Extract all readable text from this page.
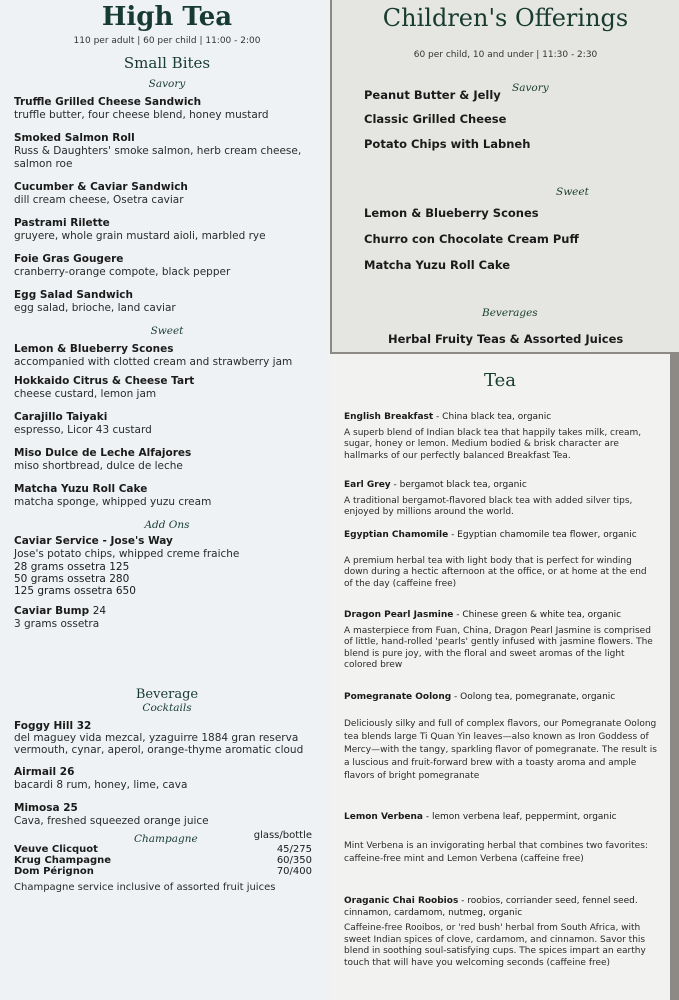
High Tea
110 per adult | 60 per child | 11:00 - 2:00
Small Bites
Savory
Truffle Grilled Cheese Sandwich
truffle butter, four cheese blend, honey mustard
Smoked Salmon Roll
Russ & Daughters' smoke salmon, herb cream cheese, salmon roe
Cucumber & Caviar Sandwich
dill cream cheese, Osetra caviar
Pastrami Rilette
gruyere, whole grain mustard aioli, marbled rye
Foie Gras Gougere
cranberry-orange compote, black pepper
Egg Salad Sandwich
egg salad, brioche, land caviar
Sweet
Lemon & Blueberry Scones
accompanied with clotted cream and strawberry jam
Hokkaido Citrus & Cheese Tart
cheese custard, lemon jam
Carajillo Taiyaki
espresso, Licor 43 custard
Miso Dulce de Leche Alfajores
miso shortbread, dulce de leche
Matcha Yuzu Roll Cake
matcha sponge, whipped yuzu cream
Add Ons
Caviar Service - Jose's Way
Jose's potato chips, whipped creme fraiche
28 grams ossetra 125
50 grams ossetra 280
125 grams ossetra 650
Caviar Bump 24
3 grams ossetra
Beverage
Cocktails
Foggy Hill 32
del maguey vida mezcal, yzaguirre 1884 gran reserva vermouth, cynar, aperol, orange-thyme aromatic cloud
Airmail 26
bacardi 8 rum, honey, lime, cava
Mimosa 25
Cava, freshed squeezed orange juice
Champagne	glass/bottle
Veuve Clicquot	45/275
Krug Champagne	60/350
Dom Pérignon	70/400
Champagne service inclusive of assorted fruit juices
Children's Offerings
60 per child, 10 and under | 11:30 - 2:30
Savory
Peanut Butter & Jelly
Classic Grilled Cheese
Potato Chips with Labneh
Sweet
Lemon & Blueberry Scones
Churro con Chocolate Cream Puff
Matcha Yuzu Roll Cake
Beverages
Herbal Fruity Teas & Assorted Juices
Tea
English Breakfast - China black tea, organic
A superb blend of Indian black tea that happily takes milk, cream, sugar, honey or lemon. Medium bodied & brisk character are hallmarks of our perfectly balanced Breakfast Tea.
Earl Grey - bergamot black tea, organic
A traditional bergamot-flavored black tea with added silver tips, enjoyed by millions around the world.
Egyptian Chamomile - Egyptian chamomile tea flower, organic
A premium herbal tea with light body that is perfect for winding down during a hectic afternoon at the office, or at home at the end of the day (caffeine free)
Dragon Pearl Jasmine - Chinese green & white tea, organic
A masterpiece from Fuan, China, Dragon Pearl Jasmine is comprised of little, hand-rolled 'pearls' gently infused with jasmine flowers. The blend is pure joy, with the floral and sweet aromas of the light colored brew
Pomegranate Oolong - Oolong tea, pomegranate, organic
Deliciously silky and full of complex flavors, our Pomegranate Oolong tea blends large Ti Quan Yin leaves—also known as Iron Goddess of Mercy—with the tangy, sparkling flavor of pomegranate. The result is a luscious and fruit-forward brew with a toasty aroma and ample flavors of bright pomegranate
Lemon Verbena - lemon verbena leaf, peppermint, organic
Mint Verbena is an invigorating herbal that combines two favorites: caffeine-free mint and Lemon Verbena (caffeine free)
Oraganic Chai Roobios - roobios, corriander seed, fennel seed. cinnamon, cardamom, nutmeg, organic
Caffeine-free Rooibos, or 'red bush' herbal from South Africa, with sweet Indian spices of clove, cardamom, and cinnamon. Savor this blend in soothing soul-satisfying cups. The spices impart an earthy touch that will have you welcoming seconds (caffeine free)
